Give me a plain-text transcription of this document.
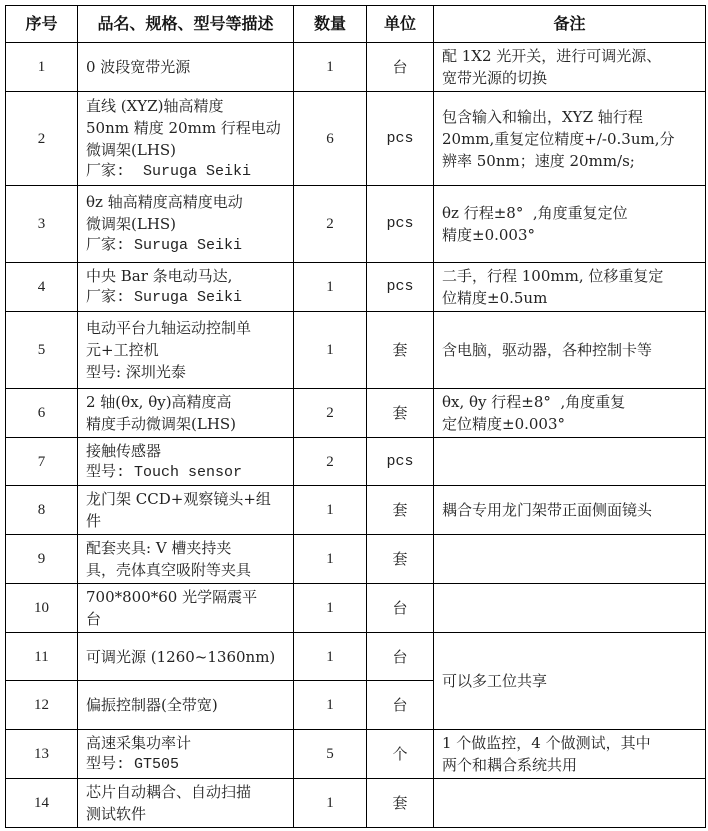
序号	品名、规格、型号等描述	数量	单位	备注
1	0 波段宽带光源	1	台	配 1X2 光开关，进行可调光源、
宽带光源的切换

2	直线 (XYZ)轴高精度
50nm 精度 20mm 行程电动
微调架(LHS)
厂家:  Suruga Seiki	6	pcs	包含输入和输出，XYZ 轴行程
20mm,重复定位精度+/-0.3um,分
辨率 50nm；速度 20mm/s;

3	θz 轴高精度高精度电动
微调架(LHS)
厂家: Suruga Seiki	2	pcs	θz 行程±8°  ,角度重复定位
精度±0.003°

4	中央 Bar 条电动马达,
厂家: Suruga Seiki	1	pcs	二手，行程 100mm, 位移重复定
位精度±0.5um

5	电动平台九轴运动控制单
元+工控机
型号: 深圳光泰	1	套	含电脑，驱动器，各种控制卡等

6	2 轴(θx, θy)高精度高
精度手动微调架(LHS)	2	套	θx, θy 行程±8°  ,角度重复
定位精度±0.003°

7	接触传感器
型号: Touch sensor	2	pcs	
8	龙门架 CCD+观察镜头+组
件	1	套	耦合专用龙门架带正面侧面镜头

9	配套夹具: V 槽夹持夹
具，壳体真空吸附等夹具	1	套	
10	700*800*60 光学隔震平
台	1	台	
11	可调光源 (1260~1360nm)	1	台	可以多工位共享

12	偏振控制器(全带宽)	1	台	
13	高速采集功率计
型号: GT505	5	个	1 个做监控，4 个做测试，其中
两个和耦合系统共用

14	芯片自动耦合、自动扫描
测试软件	1	套	
